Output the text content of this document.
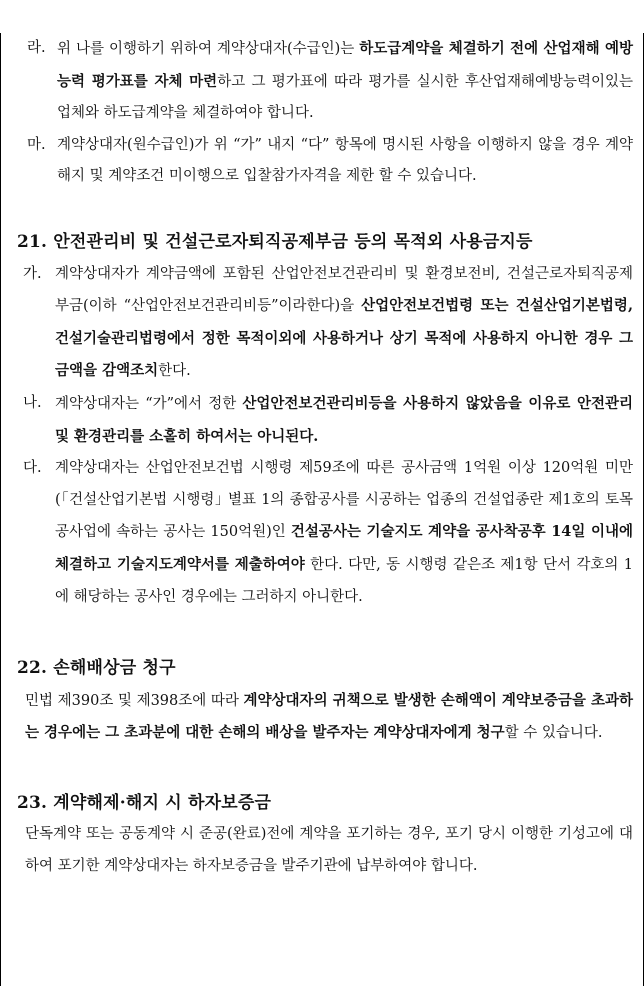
라. 위 나를 이행하기 위하여 계약상대자(수급인)는 하도급계약을 체결하기 전에 산업재해 예방능력 평가표를 자체 마련하고 그 평가표에 따라 평가를 실시한 후산업재해예방능력이있는 업체와 하도급계약을 체결하여야 합니다.
마. 계약상대자(원수급인)가 위 “가” 내지 “다” 항목에 명시된 사항을 이행하지 않을 경우 계약해지 및 계약조건 미이행으로 입찰참가자격을 제한 할 수 있습니다.
21. 안전관리비 및 건설근로자퇴직공제부금 등의 목적외 사용금지등
가. 계약상대자가 계약금액에 포함된 산업안전보건관리비 및 환경보전비, 건설근로자퇴직공제부금(이하 “산업안전보건관리비등”이라한다)을 산업안전보건법령 또는 건설산업기본법령, 건설기술관리법령에서 정한 목적이외에 사용하거나 상기 목적에 사용하지 아니한 경우 그 금액을 감액조치한다.
나. 계약상대자는 “가”에서 정한 산업안전보건관리비등을 사용하지 않았음을 이유로 안전관리 및 환경관리를 소홀히 하여서는 아니된다.
다. 계약상대자는 산업안전보건법 시행령 제59조에 따른 공사금액 1억원 이상 120억원 미만(｢건설산업기본법 시행령｣ 별표 1의 종합공사를 시공하는 업종의 건설업종란 제1호의 토목공사업에 속하는 공사는 150억원)인 건설공사는 기술지도 계약을 공사착공후 14일 이내에 체결하고 기술지도계약서를 제출하여야 한다. 다만, 동 시행령 같은조 제1항 단서 각호의 1에 해당하는 공사인 경우에는 그러하지 아니한다.
22. 손해배상금 청구
민법 제390조 및 제398조에 따라 계약상대자의 귀책으로 발생한 손해액이 계약보증금을 초과하는 경우에는 그 초과분에 대한 손해의 배상을 발주자는 계약상대자에게 청구할 수 있습니다.
23. 계약해제·해지 시 하자보증금
단독계약 또는 공동계약 시 준공(완료)전에 계약을 포기하는 경우, 포기 당시 이행한 기성고에 대하여 포기한 계약상대자는 하자보증금을 발주기관에 납부하여야 합니다.
